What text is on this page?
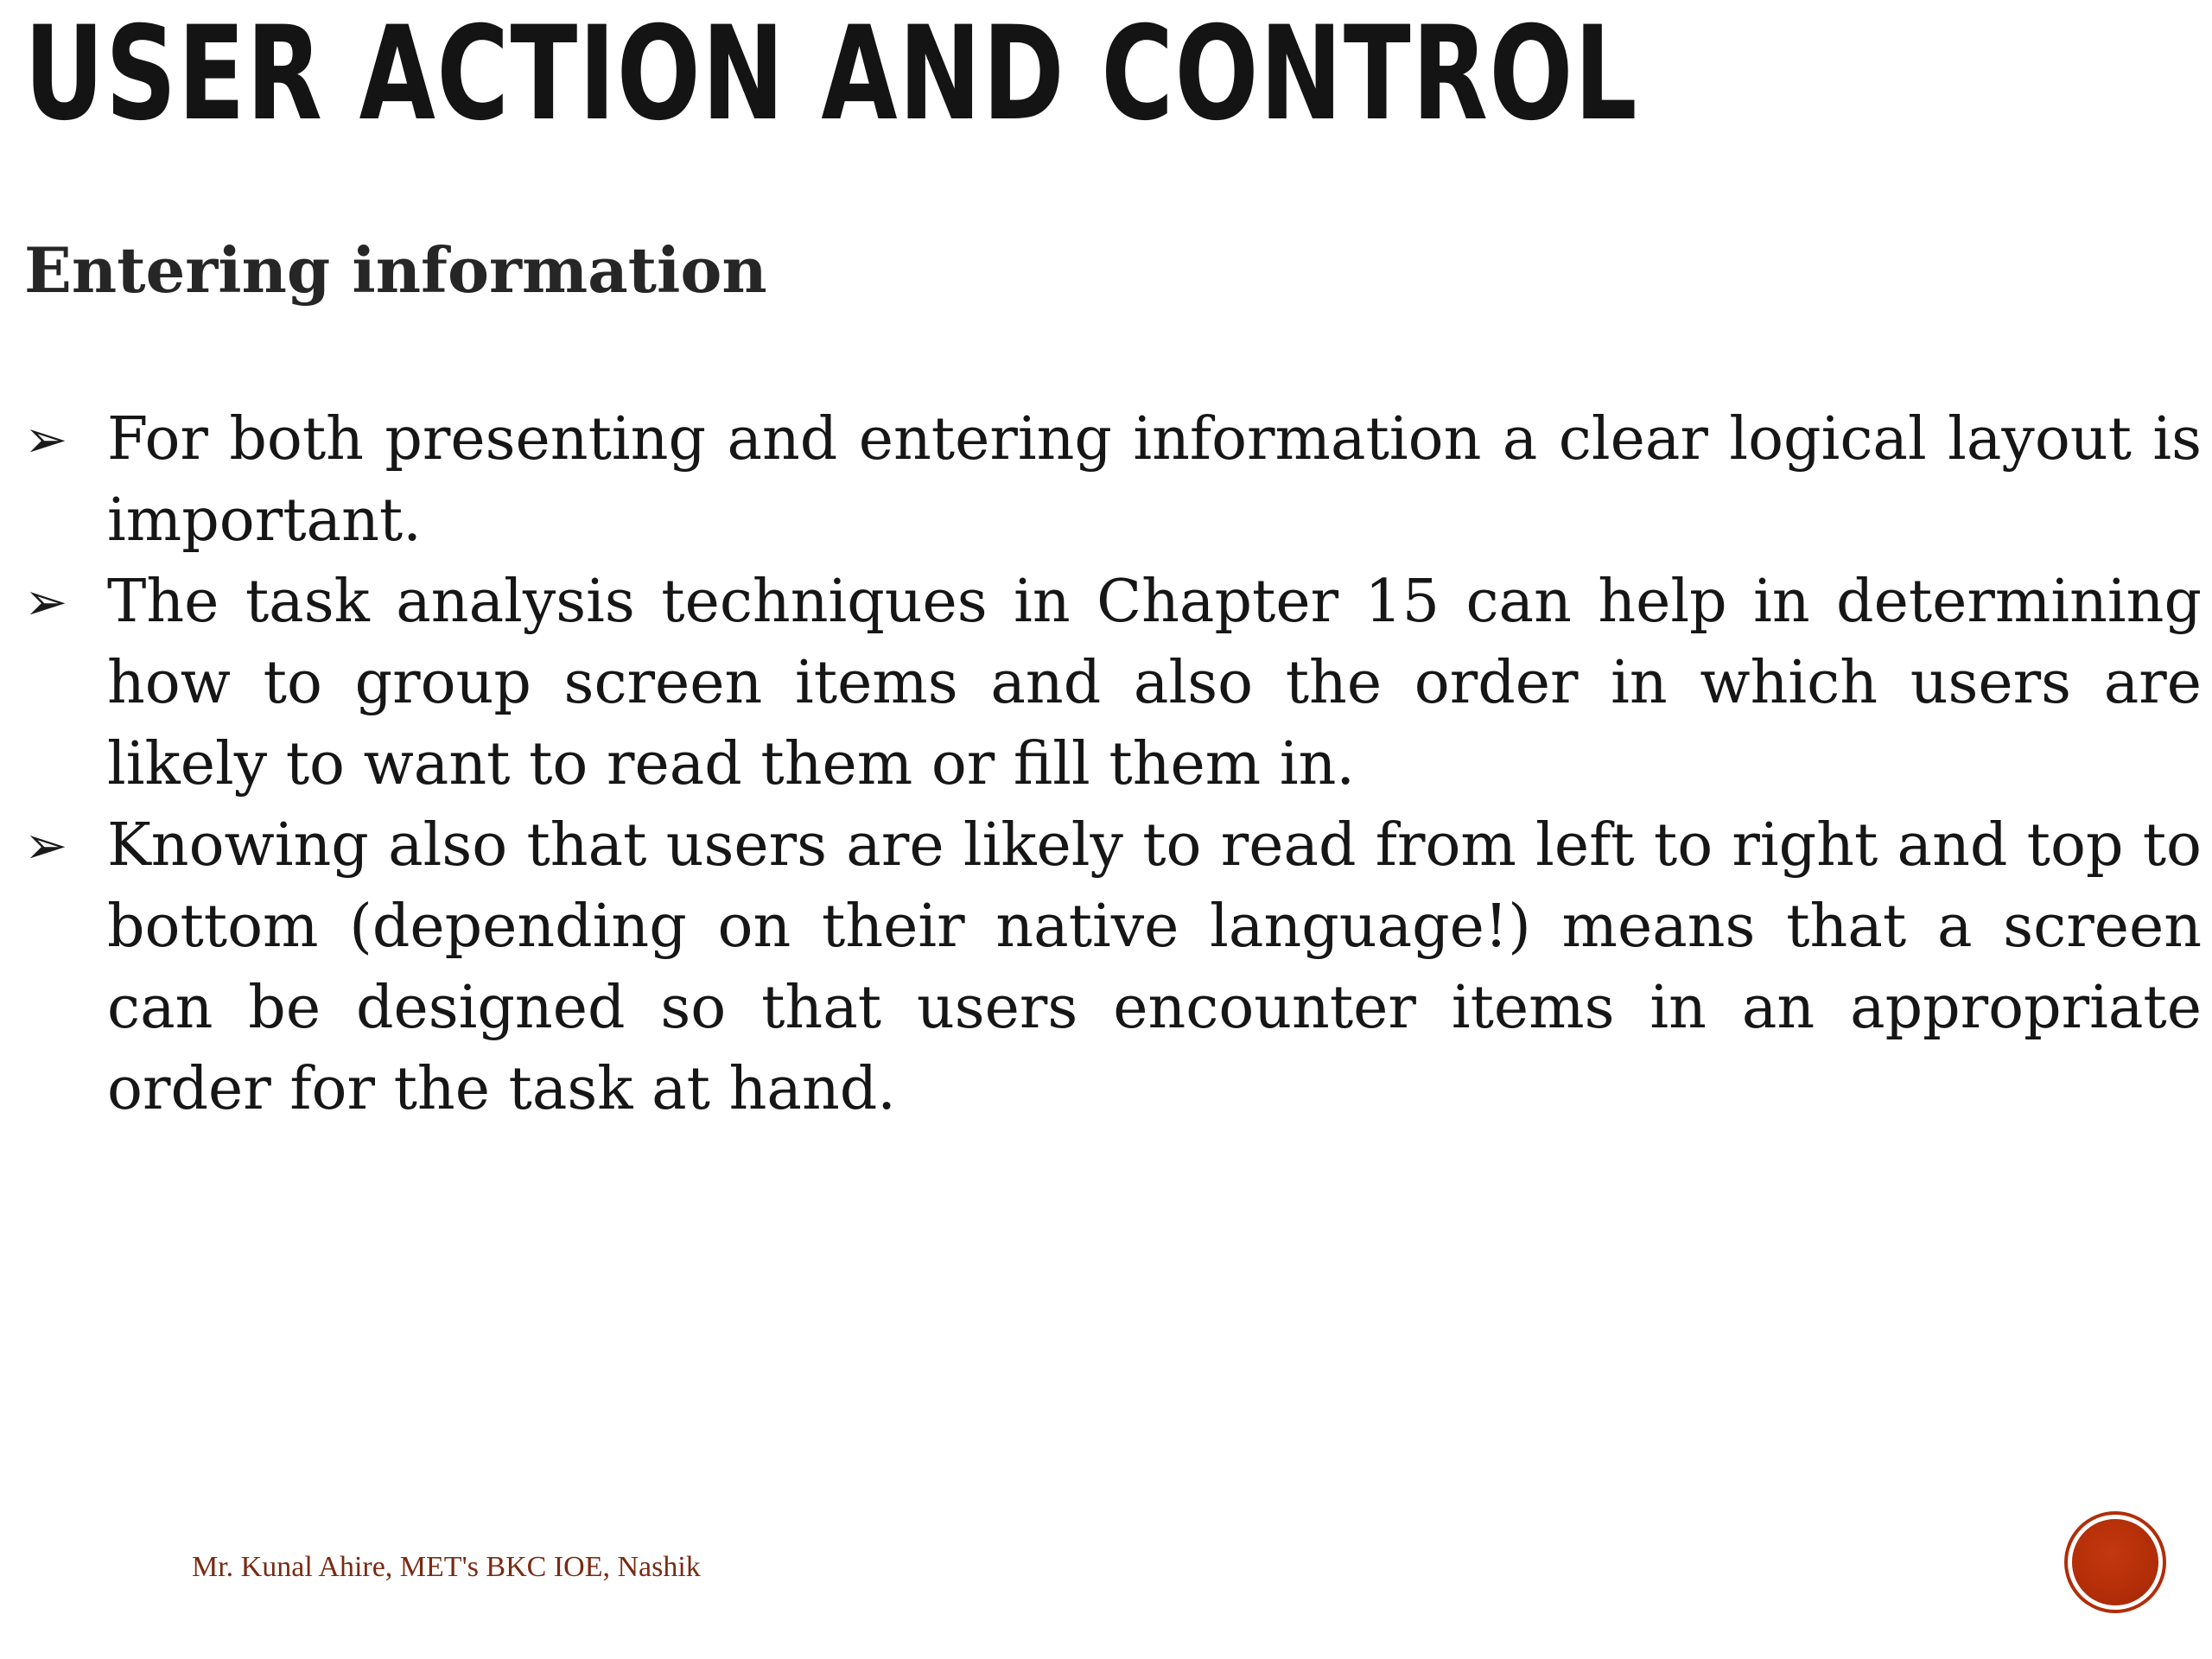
USER ACTION AND CONTROL
Entering information
➢ For both presenting and entering information a clear logical layout is important.
➢ The task analysis techniques in Chapter 15 can help in determining how to group screen items and also the order in which users are likely to want to read them or fill them in.
➢ Knowing also that users are likely to read from left to right and top to bottom (depending on their native language!) means that a screen can be designed so that users encounter items in an appropriate order for the task at hand.
Mr. Kunal Ahire, MET's BKC IOE, Nashik
